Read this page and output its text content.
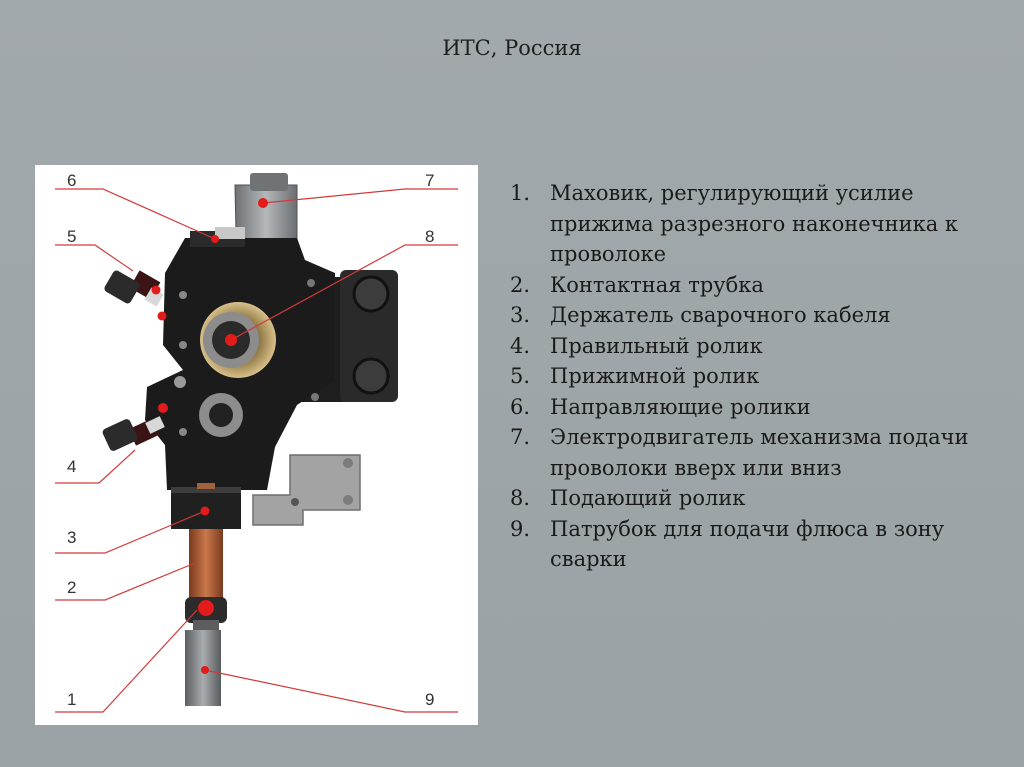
ИТС, Россия
6	7
5	8
4
3
2
1	9
1. Маховик, регулирующий усилие прижима разрезного наконечника к проволоке
2. Контактная трубка
3. Держатель сварочного кабеля
4. Правильный ролик
5. Прижимной ролик
6. Направляющие ролики
7. Электродвигатель механизма подачи проволоки вверх или вниз
8. Подающий ролик
9. Патрубок для подачи флюса в зону сварки
